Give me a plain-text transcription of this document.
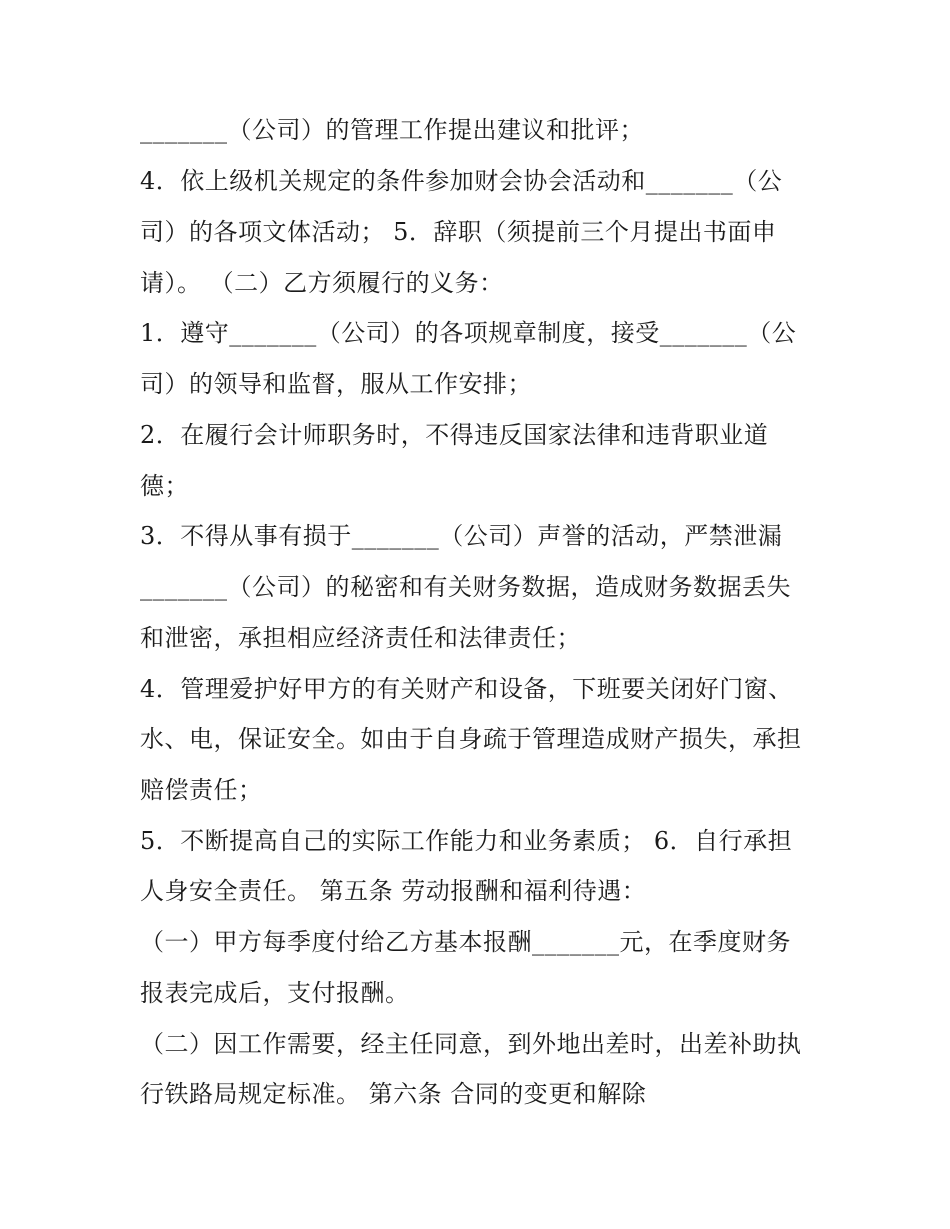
_______（公司）的管理工作提出建议和批评；
4．依上级机关规定的条件参加财会协会活动和_______（公
司）的各项文体活动； 5．辞职（须提前三个月提出书面申
请）。 （二）乙方须履行的义务：
1．遵守_______（公司）的各项规章制度，接受_______（公
司）的领导和监督，服从工作安排；
2．在履行会计师职务时，不得违反国家法律和违背职业道
德；
3．不得从事有损于_______（公司）声誉的活动，严禁泄漏
_______（公司）的秘密和有关财务数据，造成财务数据丢失
和泄密，承担相应经济责任和法律责任；
4．管理爱护好甲方的有关财产和设备，下班要关闭好门窗、
水、电，保证安全。如由于自身疏于管理造成财产损失，承担
赔偿责任；
5．不断提高自己的实际工作能力和业务素质； 6．自行承担
人身安全责任。 第五条 劳动报酬和福利待遇：
（一）甲方每季度付给乙方基本报酬_______元，在季度财务
报表完成后，支付报酬。
（二）因工作需要，经主任同意，到外地出差时，出差补助执
行铁路局规定标准。 第六条 合同的变更和解除
